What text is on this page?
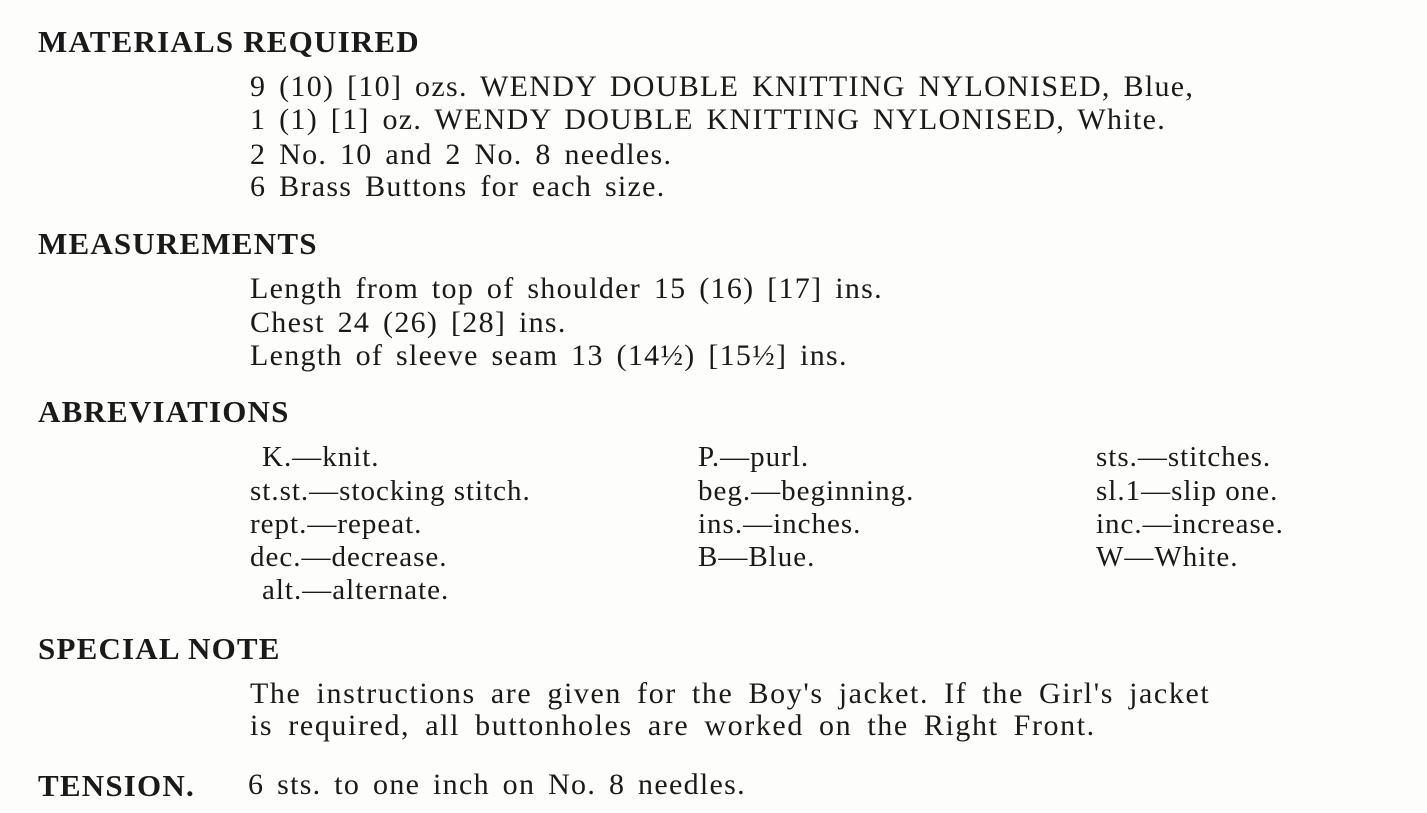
MATERIALS REQUIRED
9 (10) [10] ozs. WENDY DOUBLE KNITTING NYLONISED, Blue,
1 (1) [1] oz. WENDY DOUBLE KNITTING NYLONISED, White.
2 No. 10 and 2 No. 8 needles.
6 Brass Buttons for each size.
MEASUREMENTS
Length from top of shoulder 15 (16) [17] ins.
Chest 24 (26) [28] ins.
Length of sleeve seam 13 (14½) [15½] ins.
ABREVIATIONS
K.—knit.
st.st.—stocking stitch.
rept.—repeat.
dec.—decrease.
alt.—alternate.
P.—purl.
beg.—beginning.
ins.—inches.
B—Blue.
sts.—stitches.
sl.1—slip one.
inc.—increase.
W—White.
SPECIAL NOTE
The instructions are given for the Boy's jacket. If the Girl's jacket
is required, all buttonholes are worked on the Right Front.
TENSION. 6 sts. to one inch on No. 8 needles.
